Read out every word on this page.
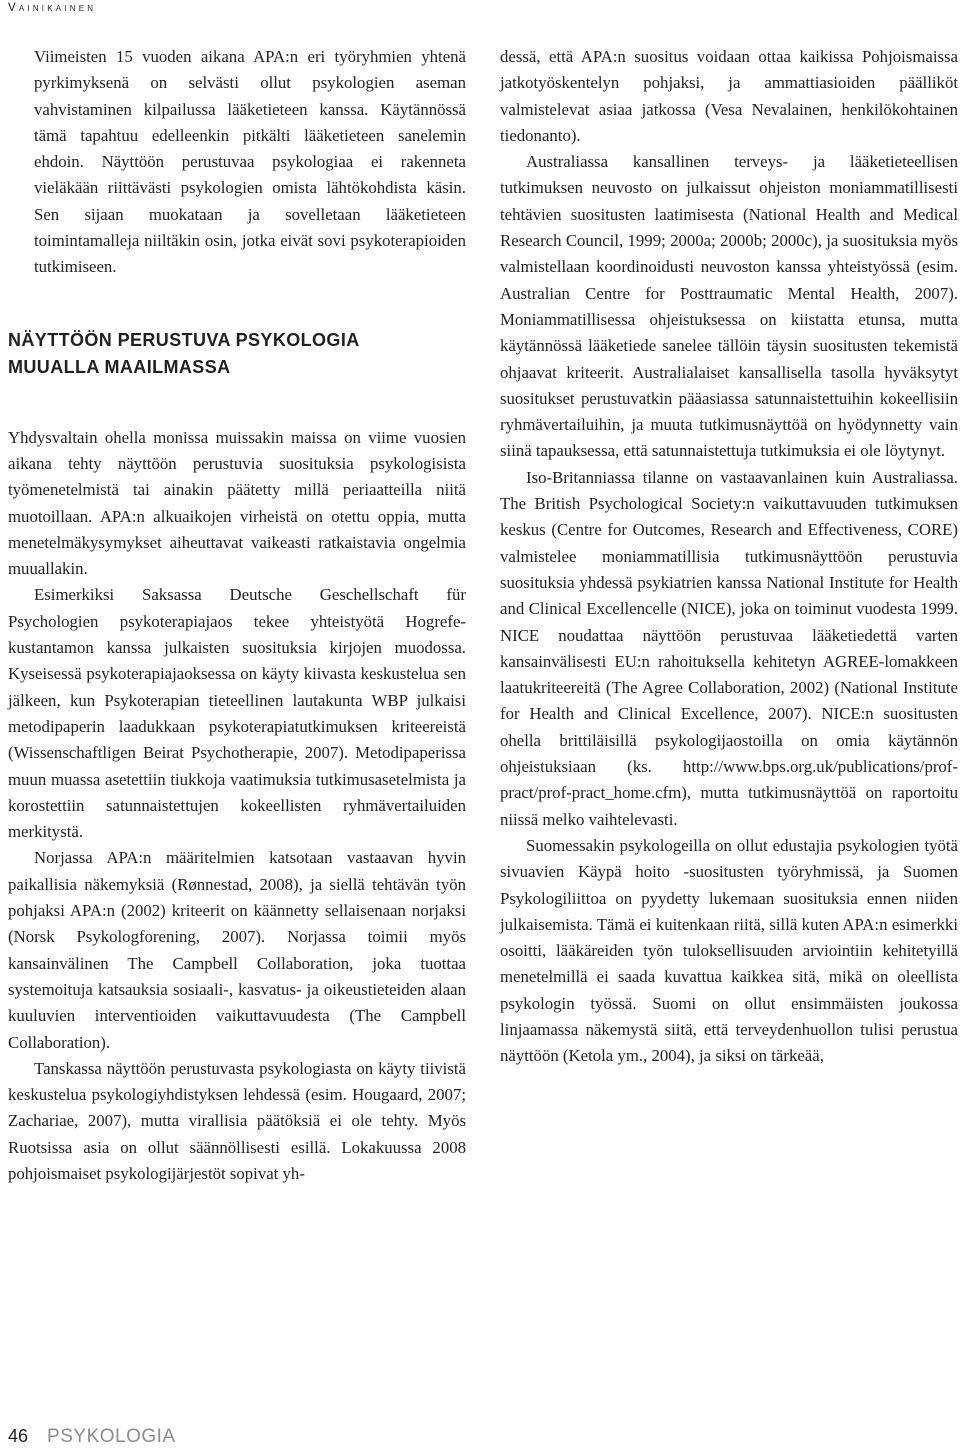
Vainikainen

Viimeisten 15 vuoden aikana APA:n eri työryhmien yhtenä pyrkimyksenä on selvästi ollut psykologien aseman vahvistaminen kilpailussa lääketieteen kanssa. Käytännössä tämä tapahtuu edelleenkin pitkälti lääketieteen sanelemin ehdoin. Näyttöön perustuvaa psykologiaa ei rakenneta vieläkään riittävästi psykologien omista lähtökohdista käsin. Sen sijaan muokataan ja sovelletaan lääketieteen toimintamalleja niiltäkin osin, jotka eivät sovi psykoterapioiden tutkimiseen.

NÄYTTÖÖN PERUSTUVA PSYKOLOGIA
MUUALLA MAAILMASSA

Yhdysvaltain ohella monissa muissakin maissa on viime vuosien aikana tehty näyttöön perustuvia suosituksia psykologisista työmenetelmistä tai ainakin päätetty millä periaatteilla niitä muotoillaan. APA:n alkuaikojen virheistä on otettu oppia, mutta menetelmäkysymykset aiheuttavat vaikeasti ratkaistavia ongelmia muuallakin.

Esimerkiksi Saksassa Deutsche Geschellschaft für Psychologien psykoterapiajaos tekee yhteistyötä Hogrefe-kustantamon kanssa julkaisten suosituksia kirjojen muodossa. Kyseisessä psykoterapiajaoksessa on käyty kiivasta keskustelua sen jälkeen, kun Psykoterapian tieteellinen lautakunta WBP julkaisi metodipaperin laadukkaan psykoterapiatutkimuksen kriteereistä (Wissenschaftligen Beirat Psychotherapie, 2007). Metodipaperissa muun muassa asetettiin tiukkoja vaatimuksia tutkimusasetelmista ja korostettiin satunnaistettujen kokeellisten ryhmävertailuiden merkitystä.

Norjassa APA:n määritelmien katsotaan vastaavan hyvin paikallisia näkemyksiä (Rønnestad, 2008), ja siellä tehtävän työn pohjaksi APA:n (2002) kriteerit on käännetty sellaisenaan norjaksi (Norsk Psykologforening, 2007). Norjassa toimii myös kansainvälinen The Campbell Collaboration, joka tuottaa systemoituja katsauksia sosiaali-, kasvatus- ja oikeustieteiden alaan kuuluvien interventioiden vaikuttavuudesta (The Campbell Collaboration).

Tanskassa näyttöön perustuvasta psykologiasta on käyty tiivistä keskustelua psykologiyhdistyksen lehdessä (esim. Hougaard, 2007; Zachariae, 2007), mutta virallisia päätöksiä ei ole tehty. Myös Ruotsissa asia on ollut säännöllisesti esillä. Lokakuussa 2008 pohjoismaiset psykologijärjestöt sopivat yh-

dessä, että APA:n suositus voidaan ottaa kaikissa Pohjoismaissa jatkotyöskentelyn pohjaksi, ja ammattiasioiden päälliköt valmistelevat asiaa jatkossa (Vesa Nevalainen, henkilökohtainen tiedonanto).

Australiassa kansallinen terveys- ja lääketieteellisen tutkimuksen neuvosto on julkaissut ohjeiston moniammatillisesti tehtävien suositusten laatimisesta (National Health and Medical Research Council, 1999; 2000a; 2000b; 2000c), ja suosituksia myös valmistellaan koordinoidusti neuvoston kanssa yhteistyössä (esim. Australian Centre for Posttraumatic Mental Health, 2007). Moniammatillisessa ohjeistuksessa on kiistatta etunsa, mutta käytännössä lääketiede sanelee tällöin täysin suositusten tekemistä ohjaavat kriteerit. Australialaiset kansallisella tasolla hyväksytyt suositukset perustuvatkin pääasiassa satunnaistettuihin kokeellisiin ryhmävertailuihin, ja muuta tutkimusnäyttöä on hyödynnetty vain siinä tapauksessa, että satunnaistettuja tutkimuksia ei ole löytynyt.

Iso-Britanniassa tilanne on vastaavanlainen kuin Australiassa. The British Psychological Society:n vaikuttavuuden tutkimuksen keskus (Centre for Outcomes, Research and Effectiveness, CORE) valmistelee moniammatillisia tutkimusnäyttöön perustuvia suosituksia yhdessä psykiatrien kanssa National Institute for Health and Clinical Excellencelle (NICE), joka on toiminut vuodesta 1999. NICE noudattaa näyttöön perustuvaa lääketiedettä varten kansainvälisesti EU:n rahoituksella kehitetyn AGREE-lomakkeen laatukriteereitä (The Agree Collaboration, 2002) (National Institute for Health and Clinical Excellence, 2007). NICE:n suositusten ohella brittiläisillä psykologijaostoilla on omia käytännön ohjeistuksiaan (ks. http://www.bps.org.uk/publications/prof-pract/prof-pract_home.cfm), mutta tutkimusnäyttöä on raportoitu niissä melko vaihtelevasti.

Suomessakin psykologeilla on ollut edustajia psykologien työtä sivuavien Käypä hoito -suositusten työryhmissä, ja Suomen Psykologiliittoa on pyydetty lukemaan suosituksia ennen niiden julkaisemista. Tämä ei kuitenkaan riitä, sillä kuten APA:n esimerkki osoitti, lääkäreiden työn tuloksellisuuden arviointiin kehitetyillä menetelmillä ei saada kuvattua kaikkea sitä, mikä on oleellista psykologin työssä. Suomi on ollut ensimmäisten joukossa linjaamassa näkemystä siitä, että terveydenhuollon tulisi perustua näyttöön (Ketola ym., 2004), ja siksi on tärkeää,

46 PSYKOLOGIA
